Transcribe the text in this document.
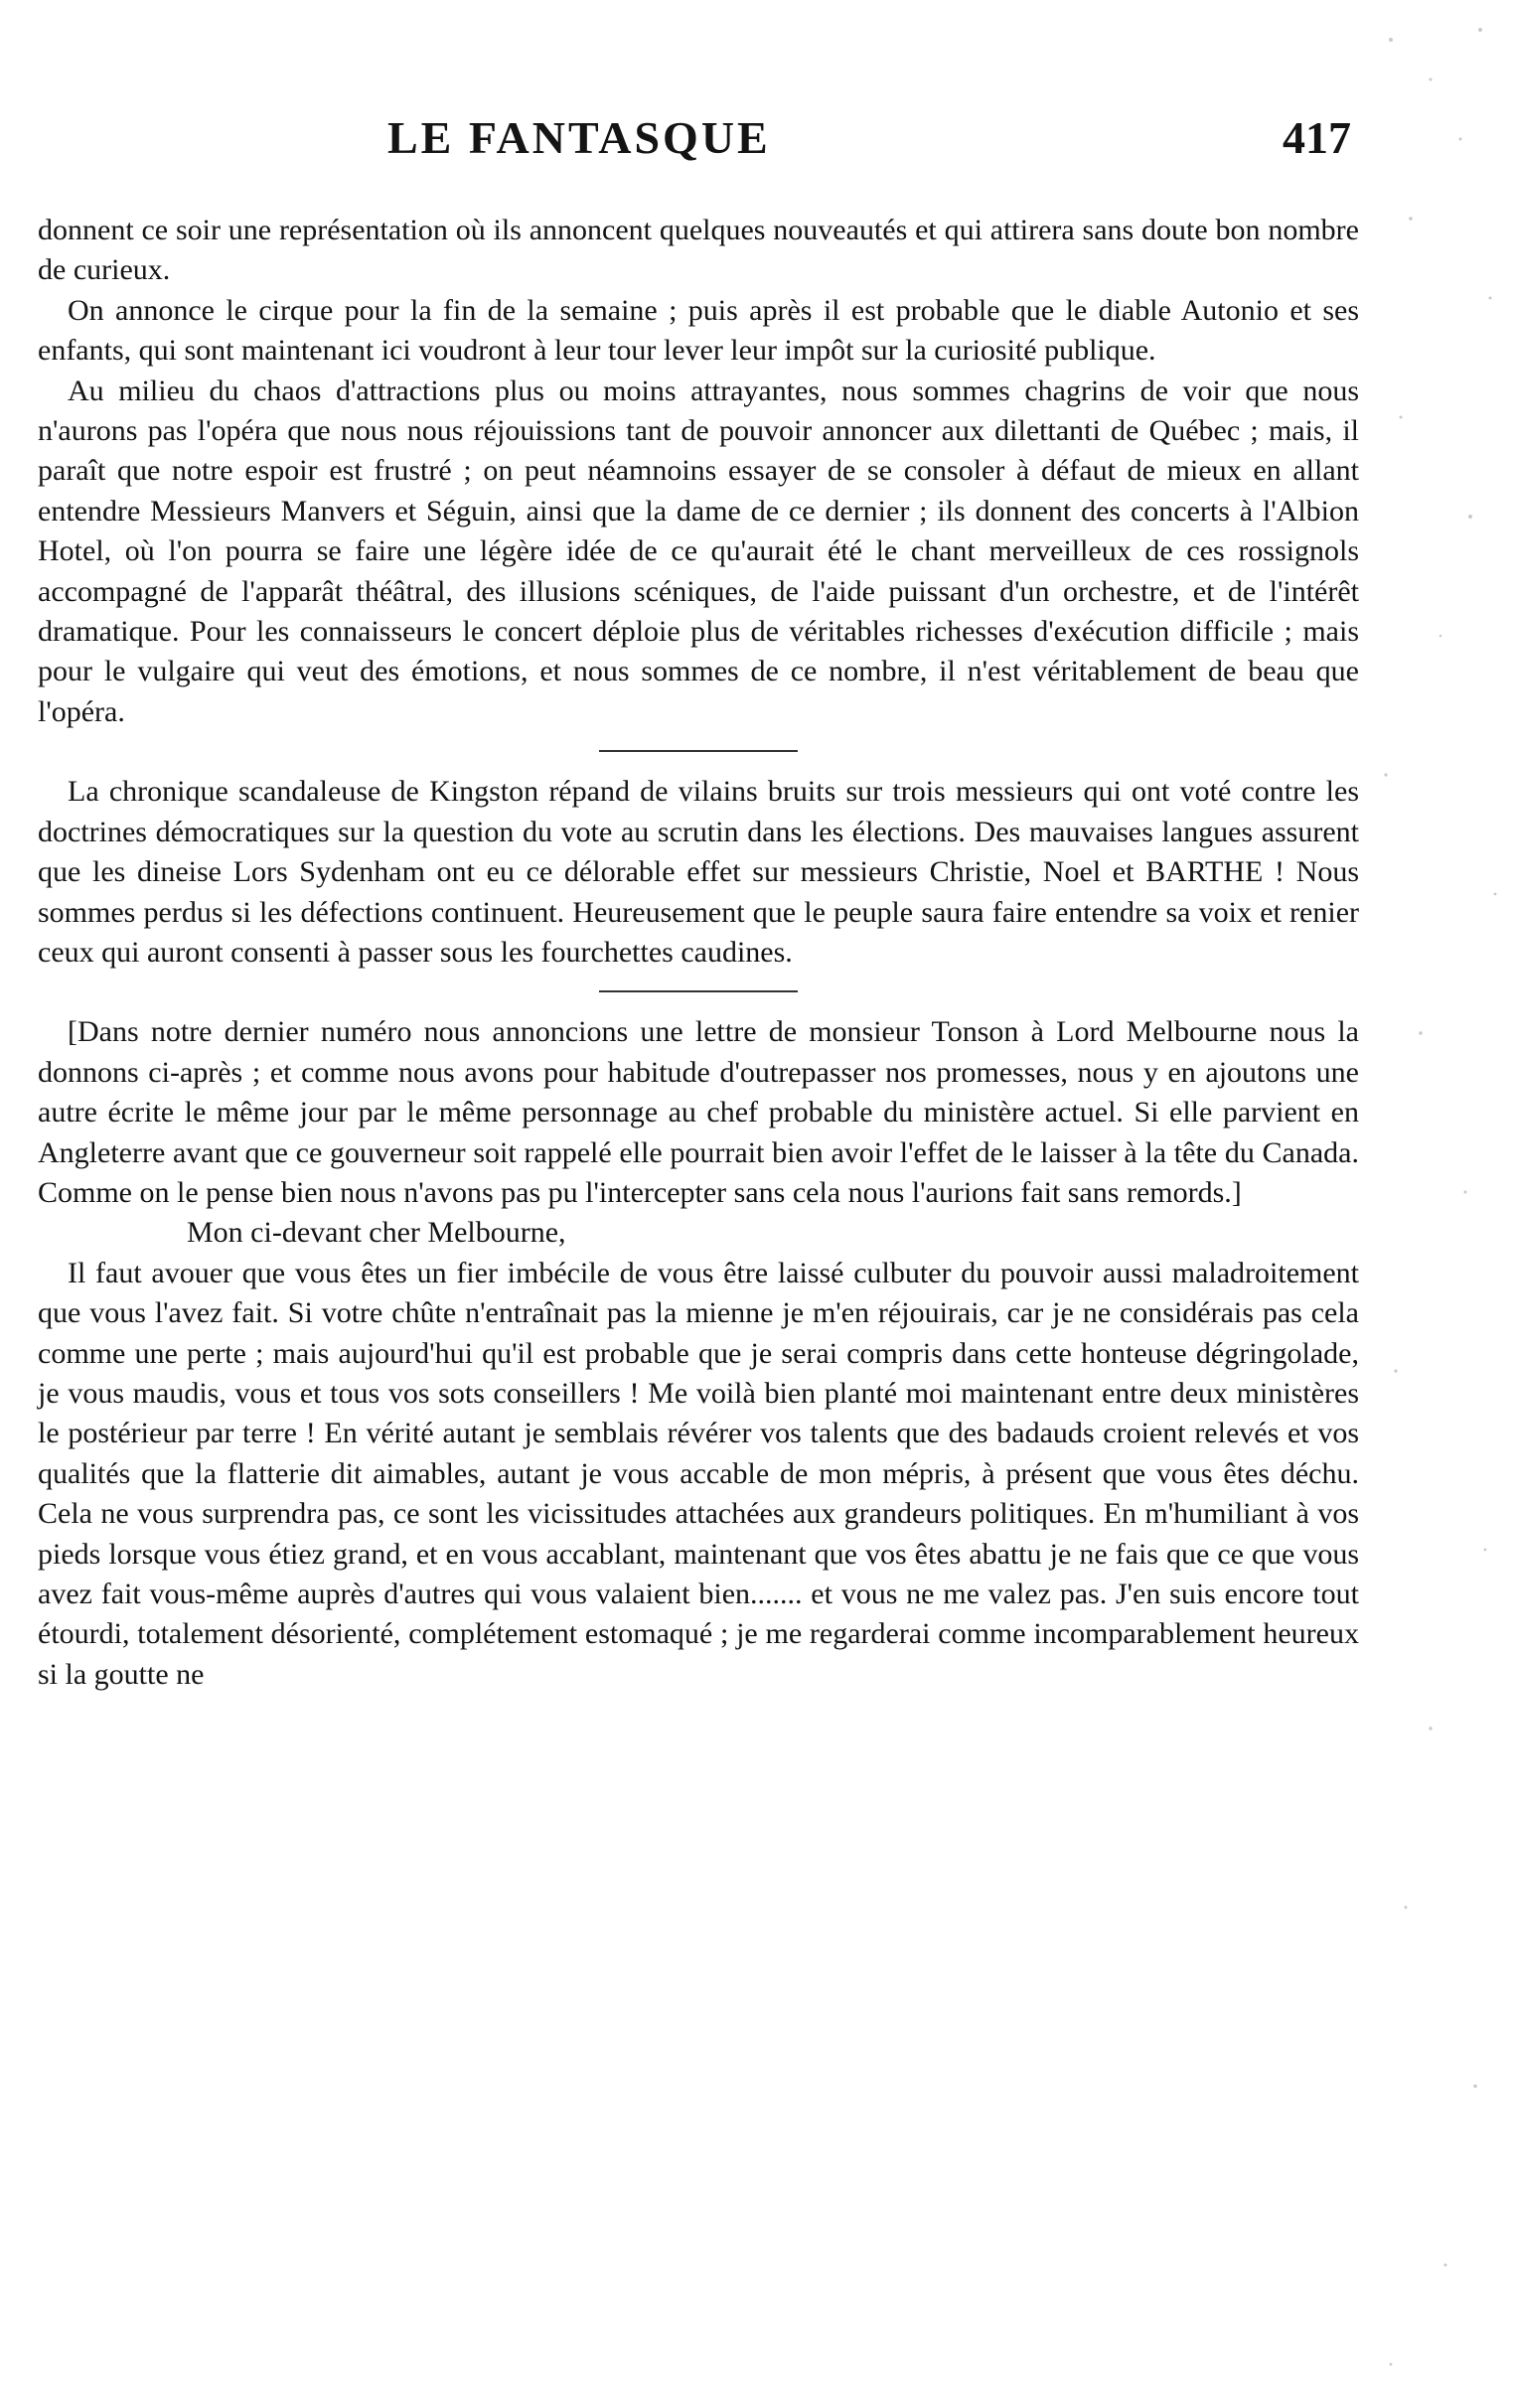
LE FANTASQUE	417

donnent ce soir une représentation où ils annoncent quelques nouveautés et qui attirera sans doute bon nombre de curieux.

On annonce le cirque pour la fin de la semaine ; puis après il est probable que le diable Autonio et ses enfants, qui sont maintenant ici voudront à leur tour lever leur impôt sur la curiosité publique.

Au milieu du chaos d'attractions plus ou moins attrayantes, nous sommes chagrins de voir que nous n'aurons pas l'opéra que nous nous réjouissions tant de pouvoir annoncer aux dilettanti de Québec ; mais, il paraît que notre espoir est frustré ; on peut néamnoins essayer de se consoler à défaut de mieux en allant entendre Messieurs Manvers et Séguin, ainsi que la dame de ce dernier ; ils donnent des concerts à l'Albion Hotel, où l'on pourra se faire une légère idée de ce qu'aurait été le chant merveilleux de ces rossignols accompagné de l'apparât théâtral, des illusions scéniques, de l'aide puissant d'un orchestre, et de l'intérêt dramatique. Pour les connaisseurs le concert déploie plus de véritables richesses d'exécution difficile ; mais pour le vulgaire qui veut des émotions, et nous sommes de ce nombre, il n'est véritablement de beau que l'opéra.

La chronique scandaleuse de Kingston répand de vilains bruits sur trois messieurs qui ont voté contre les doctrines démocratiques sur la question du vote au scrutin dans les élections. Des mauvaises langues assurent que les dineise Lors Sydenham ont eu ce délorable effet sur messieurs Christie, Noel et BARTHE ! Nous sommes perdus si les défections continuent. Heureusement que le peuple saura faire entendre sa voix et renier ceux qui auront consenti à passer sous les fourchettes caudines.

[Dans notre dernier numéro nous annoncions une lettre de monsieur Tonson à Lord Melbourne nous la donnons ci-après ; et comme nous avons pour habitude d'outrepasser nos promesses, nous y en ajoutons une autre écrite le même jour par le même personnage au chef probable du ministère actuel. Si elle parvient en Angleterre avant que ce gouverneur soit rappelé elle pourrait bien avoir l'effet de le laisser à la tête du Canada. Comme on le pense bien nous n'avons pas pu l'intercepter sans cela nous l'aurions fait sans remords.]

Mon ci-devant cher Melbourne,

Il faut avouer que vous êtes un fier imbécile de vous être laissé culbuter du pouvoir aussi maladroitement que vous l'avez fait. Si votre chûte n'entraînait pas la mienne je m'en réjouirais, car je ne considérais pas cela comme une perte ; mais aujourd'hui qu'il est probable que je serai compris dans cette honteuse dégringolade, je vous maudis, vous et tous vos sots conseillers ! Me voilà bien planté moi maintenant entre deux ministères le postérieur par terre ! En vérité autant je semblais révérer vos talents que des badauds croient relevés et vos qualités que la flatterie dit aimables, autant je vous accable de mon mépris, à présent que vous êtes déchu. Cela ne vous surprendra pas, ce sont les vicissitudes attachées aux grandeurs politiques. En m'humiliant à vos pieds lorsque vous étiez grand, et en vous accablant, maintenant que vos êtes abattu je ne fais que ce que vous avez fait vous-même auprès d'autres qui vous valaient bien....... et vous ne me valez pas. J'en suis encore tout étourdi, totalement désorienté, complétement estomaqué ; je me regarderai comme incomparablement heureux si la goutte ne
